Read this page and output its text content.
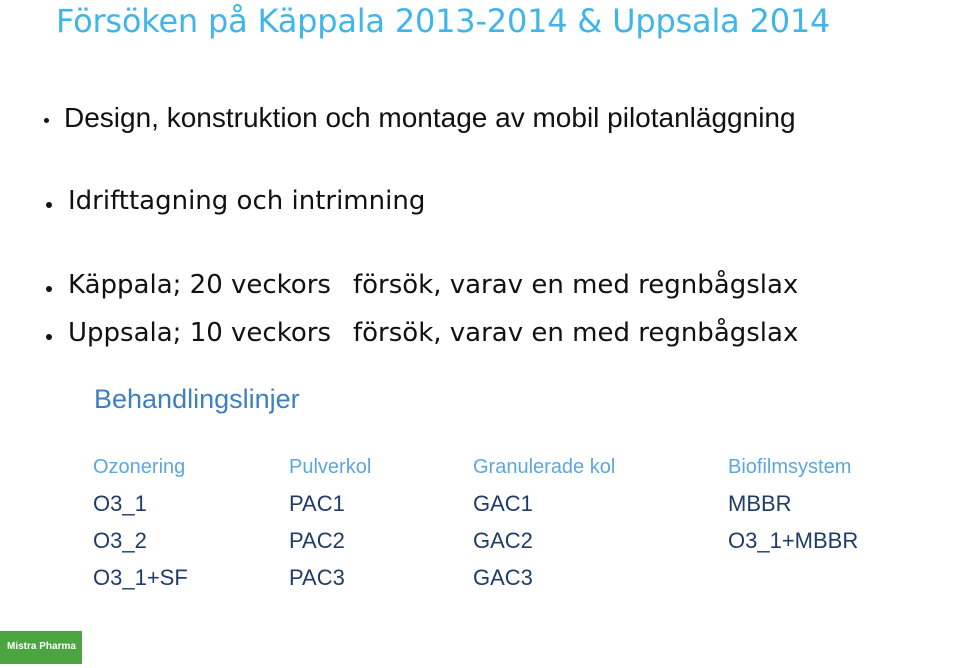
Försöken på Käppala 2013-2014 & Uppsala 2014
Design, konstruktion och montage av mobil pilotanläggning
Idrifttagning och intrimning
Käppala; 20 veckors försök, varav en med regnbågslax
Uppsala; 10 veckors försök, varav en med regnbågslax
Behandlingslinjer
Ozonering
O3_1
O3_2
O3_1+SF
Pulverkol
PAC1
PAC2
PAC3
Granulerade kol
GAC1
GAC2
GAC3
Biofilmsystem
MBBR
O3_1+MBBR
Mistra Pharma
